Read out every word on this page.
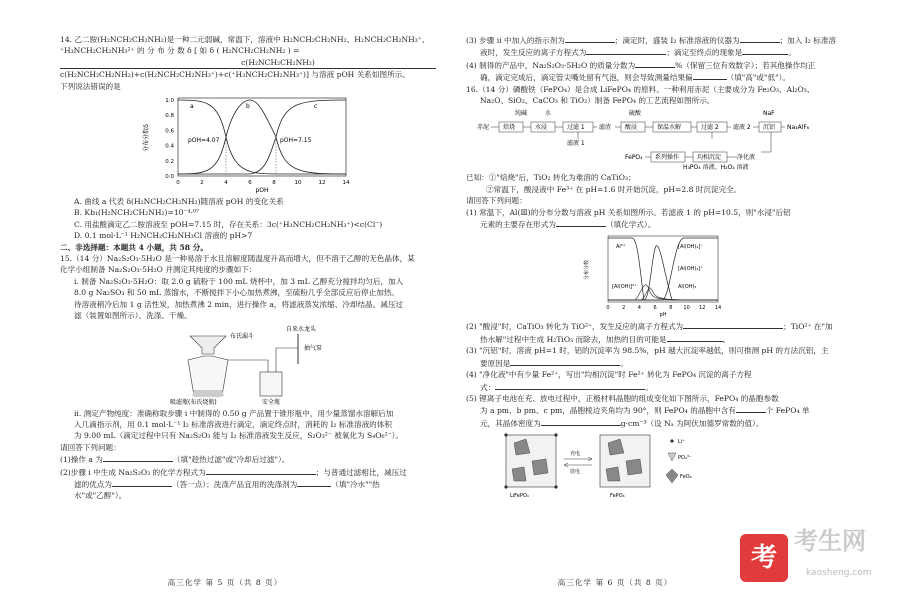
14. 乙二胺(H₂NCH₂CH₂NH₂)是一种二元弱碱，常温下，溶液中 H₂NCH₂CH₂NH₂、H₂NCH₂CH₂NH₃⁺、

⁺H₃NCH₂CH₂NH₃²⁺ 的 分 布 分 数 δ [ 如 δ ( H₂NCH₂CH₂NH₂ ) =

c(H₂NCH₂CH₂NH₂)

c(H₂NCH₂CH₂NH₂)+c(H₂NCH₂CH₂NH₃⁺)+c(⁺H₃NCH₂CH₂NH₃⁺)] 与溶液 pOH 关系如图所示。

下列说法错误的是

分布分数δ
pOH
0.0
0.2
0.4
0.6
0.8
1.0
0	2	4	6	8	10	12	14
a	b	c
pOH=4.07	pOH=7.15

A. 曲线 a 代表 δ(H₂NCH₂CH₂NH₂)随溶液 pOH 的变化关系

B. Kb₁(H₂NCH₂CH₂NH₂)=10⁻⁴·⁰⁷

C. 用盐酸滴定乙二胺溶液至 pOH=7.15 时，存在关系：3c(⁺H₃NCH₂CH₂NH₃⁺)<c(Cl⁻)

D. 0.1 mol·L⁻¹ H₂NCH₂CH₂NH₃Cl 溶液的 pH>7

二、非选择题：本题共 4 小题，共 58 分。

15.（14 分）Na₂S₂O₃·5H₂O 是一种易溶于水且溶解度随温度升高而增大，但不溶于乙醇的无色晶体，某

化学小组制备 Na₂S₂O₃·5H₂O 并测定其纯度的步骤如下：

i. 制备 Na₂S₂O₃·5H₂O：取 2.0 g 硫粉于 100 mL 烧杯中，加 3 mL 乙醇充分搅拌均匀后，加入

8.0 g Na₂SO₃ 和 50 mL 蒸馏水，不断搅拌下小心加热煮沸，至硫粉几乎全部反应后停止加热。

待溶液稍冷后加 1 g 活性炭，加热煮沸 2 min，进行操作 a，将滤液蒸发浓缩、冷却结晶、减压过

滤（装置如图所示）、洗涤、干燥。

布氏漏斗
自来水龙头
抽气泵
吸滤瓶(布氏烧瓶)	安全瓶

ii. 测定产物纯度：准确称取步骤 i 中制得的 0.50 g 产品置于锥形瓶中，用少量蒸馏水溶解后加

入几滴指示剂，用 0.1 mol·L⁻¹ I₂ 标准溶液进行滴定，滴定终点时，消耗的 I₂ 标准溶液的体积

为 9.00 mL（滴定过程中只有 Na₂S₂O₃ 能与 I₂ 标准溶液发生反应，S₂O₃²⁻ 被氧化为 S₄O₆²⁻）。

请回答下列问题：

(1)操作 a 为	（填"趁热过滤"或"冷却后过滤"）。

(2)步骤 i 中生成 Na₂S₂O₃ 的化学方程式为	；与普通过滤相比，减压过

滤的优点为	（答一点）；洗涤产品宜用的洗涤剂为	（填"冷水""热

水"或"乙醇"）。

高三化学 第 5 页（共 8 页）

(3) 步骤 ii 中加入的指示剂为	；滴定时，盛装 I₂ 标准溶液的仪器为	；加入 I₂ 标准溶

液时，发生反应的离子方程式为	；滴定至终点的现象是	。

(4) 制得的产品中，Na₂S₂O₃·5H₂O 的质量分数为	%（保留三位有效数字）；若其他操作均正

确，滴定完成后，滴定管尖嘴处留有气泡，则会导致测量结果偏	（填"高"或"低"）。

16.（14 分）磷酸铁（FePO₄）是合成 LiFePO₄ 的原料。一种利用赤泥（主要成分为 Fe₂O₃、Al₂O₃、

Na₂O、SiO₂、CaCO₃ 和 TiO₂）制备 FePO₄ 的工艺流程如图所示。

纯碱	水	硫酸	NaF
赤泥 焙烧	水浸	过滤 1 滤渣 酸浸	保温水解	过滤 2 滤液 2 沉铝 Na₃AlF₆
滤液 1
FePO₄ 系列操作	均相沉淀	净化液
H₃PO₄ 溶液、H₂O₂ 溶液

已知：①"焙烧"后，TiO₂ 转化为难溶的 CaTiO₃；

②常温下，酸浸液中 Fe³⁺ 在 pH=1.6 时开始沉淀，pH=2.8 时沉淀完全。

请回答下列问题：

(1) 常温下，Al(Ⅲ)的分布分数与溶液 pH 关系如图所示。若滤液 1 的 pH=10.5，则"水浸"后铝

元素的主要存在形式为	（填化学式）。

分布分数
pH
0	2	4	6	8 10 12 14
Al³⁺	[Al(OH)₄]⁻
[Al(OH)₂]⁺
[Al(OH)]²⁺	Al(OH)₃

(2) "酸浸"时，CaTiO₃ 转化为 TiO²⁺，发生反应的离子方程式为	；TiO²⁺ 在"加

热水解"过程中生成 H₂TiO₃ 而除去，加热的目的可能是	。

(3) "沉铝"时，溶液 pH=1 时，铝的沉淀率为 98.5%，pH 越大沉淀率越低，则可推测 pH 的方法沉铝，主

要原因是	。

(4) "净化液"中有少量 Fe²⁺，写出"均相沉淀"时 Fe²⁺ 转化为 FePO₄ 沉淀的离子方程

式：	。

(5) 锂离子电池在充、放电过程中，正极材料晶胞的组成变化如下图所示，FePO₄ 的晶胞参数

为 a pm、b pm、c pm，晶胞棱边夹角均为 90°，则 FePO₄ 的晶胞中含有	个 FePO₄ 单

元，其晶体密度为	g·cm⁻³（设 Nₐ 为阿伏加德罗常数的值）。

LiFePO₄
充电
放电
FePO₄
Li⁺
PO₄³⁻
FeO₆
高三化学 第 6 页（共 8 页）
考
考生网
kaosheng.com
